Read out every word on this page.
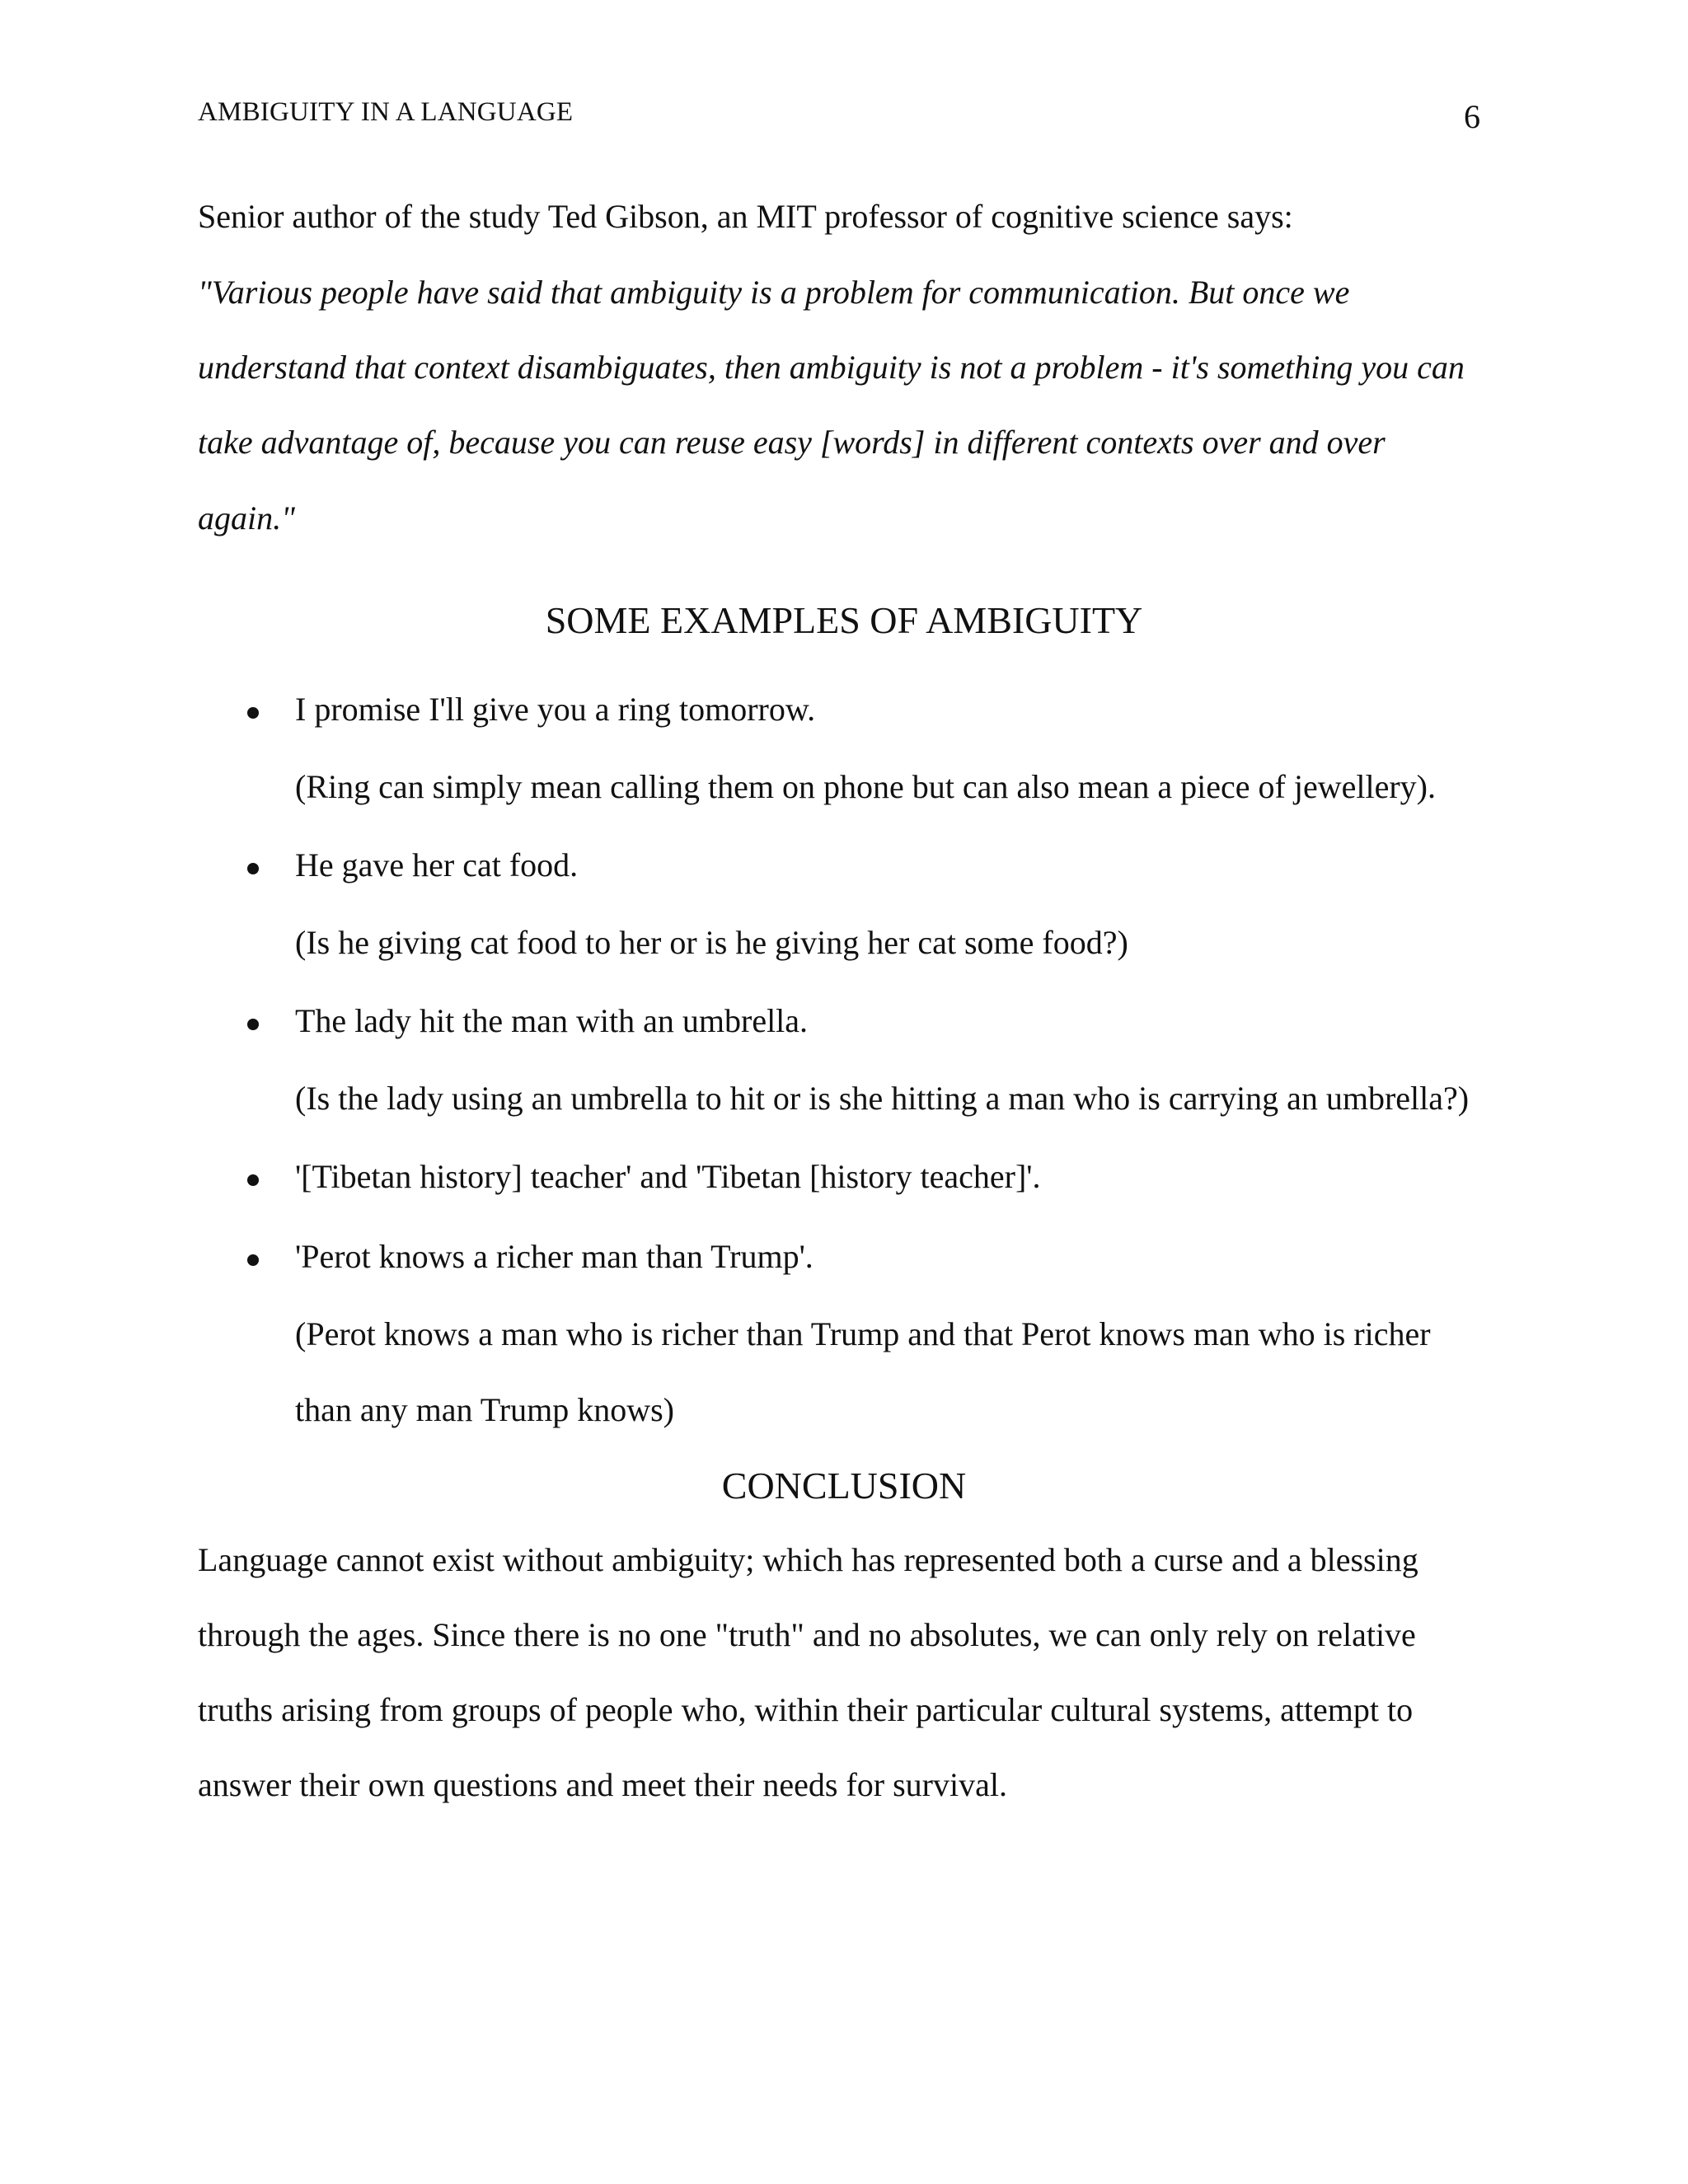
AMBIGUITY IN A LANGUAGE	6
Senior author of the study Ted Gibson, an MIT professor of cognitive science says:
"Various people have said that ambiguity is a problem for communication. But once we
understand that context disambiguates, then ambiguity is not a problem - it's something you can
take advantage of, because you can reuse easy [words] in different contexts over and over
again."
SOME EXAMPLES OF AMBIGUITY
I promise I'll give you a ring tomorrow.
(Ring can simply mean calling them on phone but can also mean a piece of jewellery).
He gave her cat food.
(Is he giving cat food to her or is he giving her cat some food?)
The lady hit the man with an umbrella.
(Is the lady using an umbrella to hit or is she hitting a man who is carrying an umbrella?)
'[Tibetan history] teacher' and 'Tibetan [history teacher]'.
'Perot knows a richer man than Trump'.
(Perot knows a man who is richer than Trump and that Perot knows man who is richer
than any man Trump knows)
CONCLUSION
Language cannot exist without ambiguity; which has represented both a curse and a blessing
through the ages. Since there is no one "truth" and no absolutes, we can only rely on relative
truths arising from groups of people who, within their particular cultural systems, attempt to
answer their own questions and meet their needs for survival.
